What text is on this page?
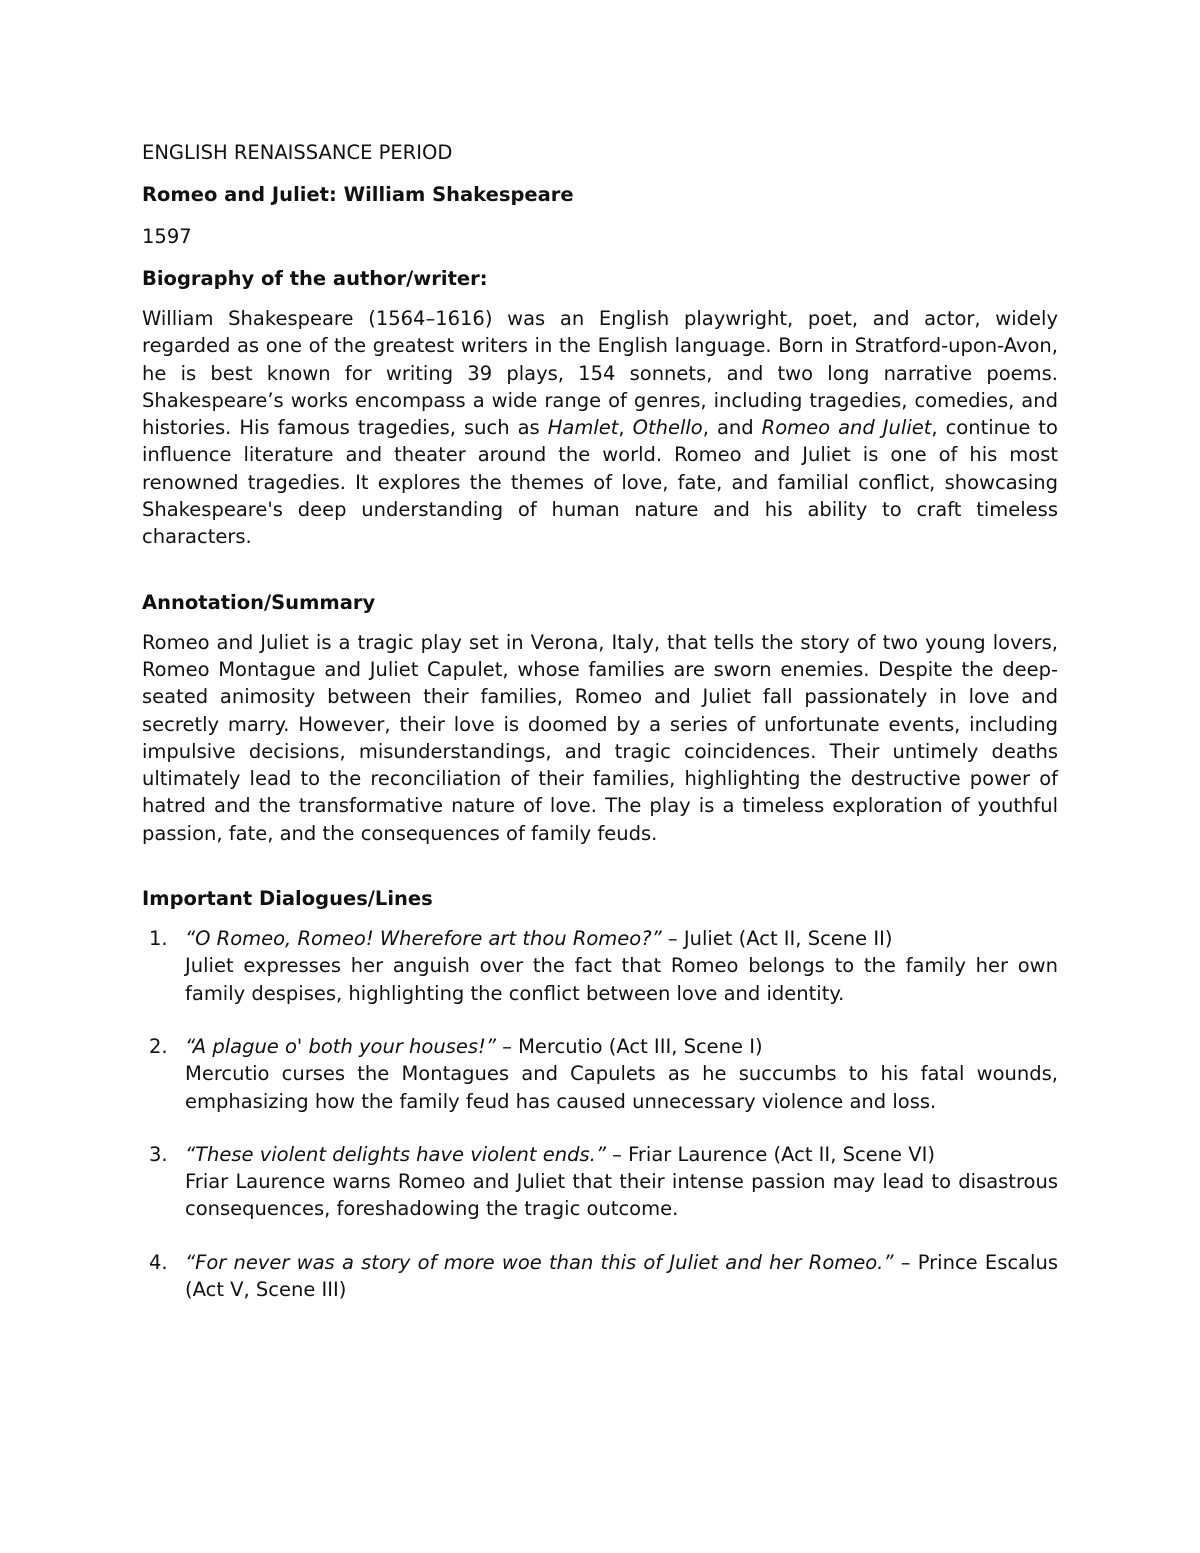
ENGLISH RENAISSANCE PERIOD
Romeo and Juliet: William Shakespeare
1597
Biography of the author/writer:

William Shakespeare (1564–1616) was an English playwright, poet, and actor, widely regarded as one of the greatest writers in the English language. Born in Stratford-upon-Avon, he is best known for writing 39 plays, 154 sonnets, and two long narrative poems. Shakespeare’s works encompass a wide range of genres, including tragedies, comedies, and histories. His famous tragedies, such as Hamlet, Othello, and Romeo and Juliet, continue to influence literature and theater around the world. Romeo and Juliet is one of his most renowned tragedies. It explores the themes of love, fate, and familial conflict, showcasing Shakespeare's deep understanding of human nature and his ability to craft timeless characters.

Annotation/Summary

Romeo and Juliet is a tragic play set in Verona, Italy, that tells the story of two young lovers, Romeo Montague and Juliet Capulet, whose families are sworn enemies. Despite the deep-seated animosity between their families, Romeo and Juliet fall passionately in love and secretly marry. However, their love is doomed by a series of unfortunate events, including impulsive decisions, misunderstandings, and tragic coincidences. Their untimely deaths ultimately lead to the reconciliation of their families, highlighting the destructive power of hatred and the transformative nature of love. The play is a timeless exploration of youthful passion, fate, and the consequences of family feuds.

Important Dialogues/Lines
1. “O Romeo, Romeo! Wherefore art thou Romeo?” – Juliet (Act II, Scene II)
Juliet expresses her anguish over the fact that Romeo belongs to the family her own family despises, highlighting the conflict between love and identity.
2. “A plague o' both your houses!” – Mercutio (Act III, Scene I)
Mercutio curses the Montagues and Capulets as he succumbs to his fatal wounds, emphasizing how the family feud has caused unnecessary violence and loss.
3. “These violent delights have violent ends.” – Friar Laurence (Act II, Scene VI)
Friar Laurence warns Romeo and Juliet that their intense passion may lead to disastrous consequences, foreshadowing the tragic outcome.
4. “For never was a story of more woe than this of Juliet and her Romeo.” – Prince Escalus (Act V, Scene III)
